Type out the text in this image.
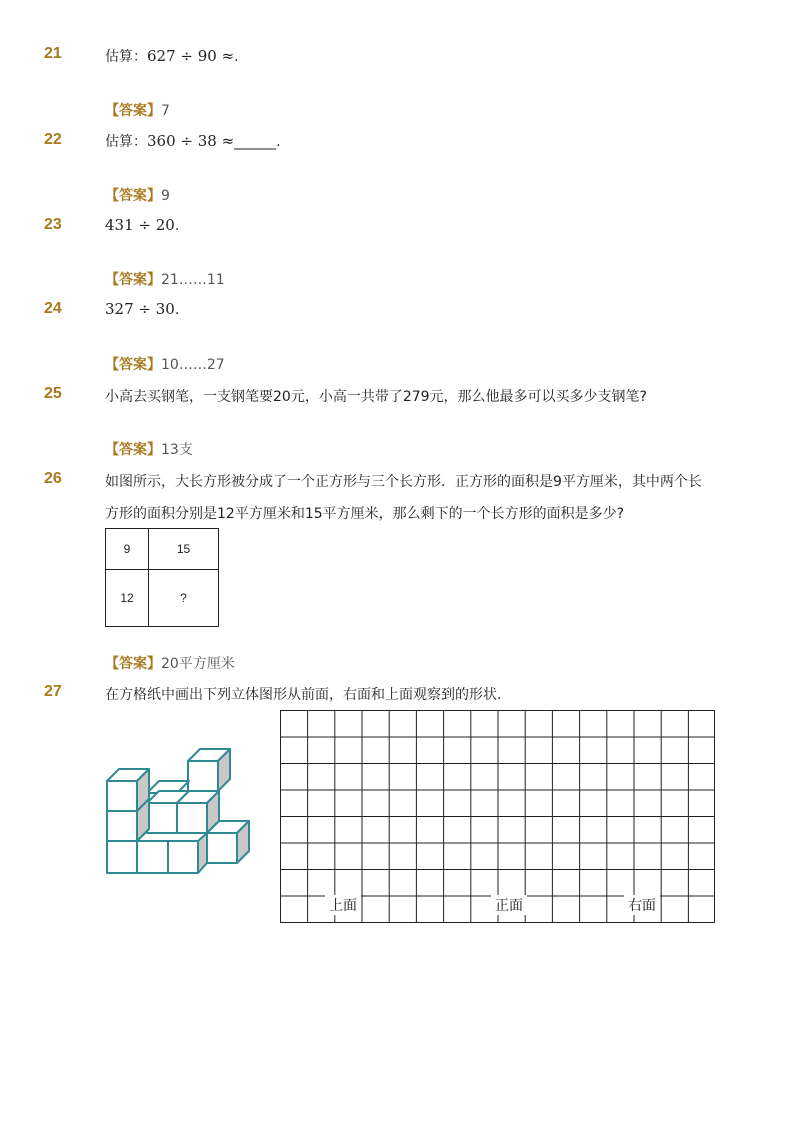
21	估算：627 ÷ 90 ≈.
【答案】7
22	估算：360 ÷ 38 ≈______.
【答案】9
23	431 ÷ 20.
【答案】21……11
24	327 ÷ 30.
【答案】10……27
25	小高去买钢笔，一支钢笔要20元，小高一共带了279元，那么他最多可以买多少支钢笔?
【答案】13支
26	如图所示，大长方形被分成了一个正方形与三个长方形．正方形的面积是9平方厘米，其中两个长
方形的面积分别是12平方厘米和15平方厘米，那么剩下的一个长方形的面积是多少?
9	15
12	?
【答案】20平方厘米
27	在方格纸中画出下列立体图形从前面，右面和上面观察到的形状．
上面	正面	右面
